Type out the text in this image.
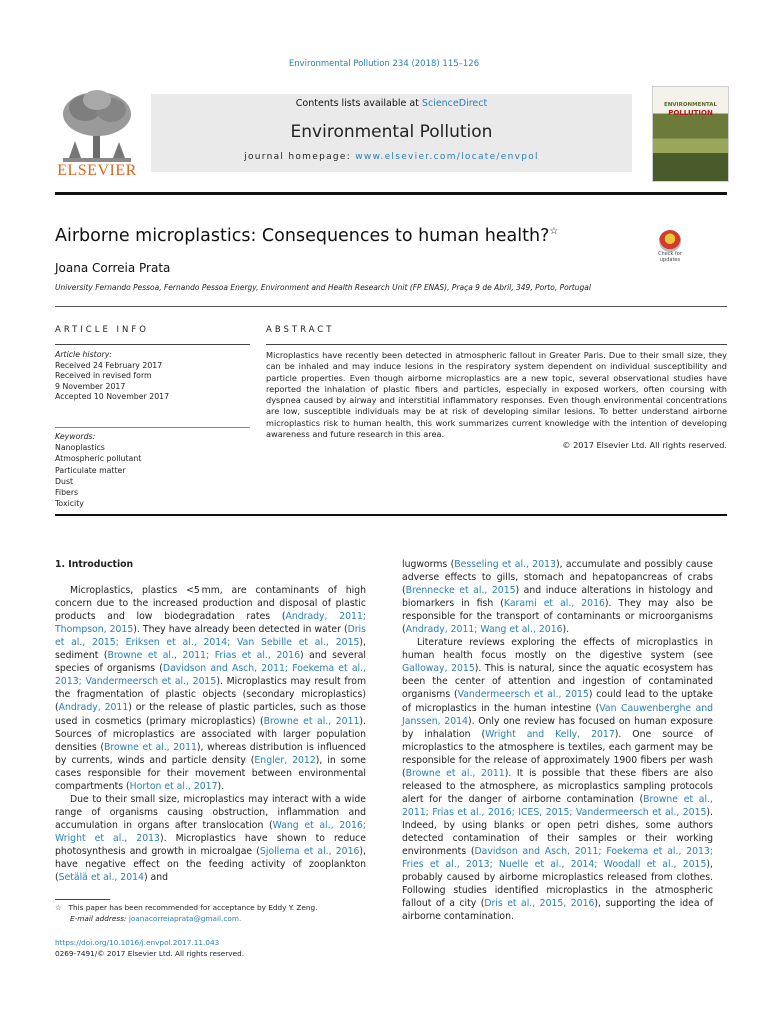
Environmental Pollution 234 (2018) 115–126
ELSEVIER
Contents lists available at ScienceDirect
Environmental Pollution
journal homepage: www.elsevier.com/locate/envpol
ENVIRONMENTAL
POLLUTION
Airborne microplastics: Consequences to human health?☆
Check for updates
Joana Correia Prata
University Fernando Pessoa, Fernando Pessoa Energy, Environment and Health Research Unit (FP ENAS), Praça 9 de Abril, 349, Porto, Portugal
ARTICLE INFO	ABSTRACT
Article history:
Received 24 February 2017
Received in revised form
9 November 2017
Accepted 10 November 2017
Keywords:
Nanoplastics
Atmospheric pollutant
Particulate matter
Dust
Fibers
Toxicity
Microplastics have recently been detected in atmospheric fallout in Greater Paris. Due to their small size, they can be inhaled and may induce lesions in the respiratory system dependent on individual susceptibility and particle properties. Even though airborne microplastics are a new topic, several observational studies have reported the inhalation of plastic fibers and particles, especially in exposed workers, often coursing with dyspnea caused by airway and interstitial inflammatory responses. Even though environmental concentrations are low, susceptible individuals may be at risk of developing similar lesions. To better understand airborne microplastics risk to human health, this work summarizes current knowledge with the intention of developing awareness and future research in this area.
© 2017 Elsevier Ltd. All rights reserved.

1. Introduction

Microplastics, plastics <5 mm, are contaminants of high concern due to the increased production and disposal of plastic products and low biodegradation rates (Andrady, 2011; Thompson, 2015). They have already been detected in water (Dris et al., 2015; Eriksen et al., 2014; Van Sebille et al., 2015), sediment (Browne et al., 2011; Frias et al., 2016) and several species of organisms (Davidson and Asch, 2011; Foekema et al., 2013; Vandermeersch et al., 2015). Microplastics may result from the fragmentation of plastic objects (secondary microplastics) (Andrady, 2011) or the release of plastic particles, such as those used in cosmetics (primary microplastics) (Browne et al., 2011). Sources of microplastics are associated with larger population densities (Browne et al., 2011), whereas distribution is influenced by currents, winds and particle density (Engler, 2012), in some cases responsible for their movement between environmental compartments (Horton et al., 2017).

Due to their small size, microplastics may interact with a wide range of organisms causing obstruction, inflammation and accumulation in organs after translocation (Wang et al., 2016; Wright et al., 2013). Microplastics have shown to reduce photosynthesis and growth in microalgae (Sjollema et al., 2016), have negative effect on the feeding activity of zooplankton (Setälä et al., 2014) and

lugworms (Besseling et al., 2013), accumulate and possibly cause adverse effects to gills, stomach and hepatopancreas of crabs (Brennecke et al., 2015) and induce alterations in histology and biomarkers in fish (Karami et al., 2016). They may also be responsible for the transport of contaminants or microorganisms (Andrady, 2011; Wang et al., 2016).

Literature reviews exploring the effects of microplastics in human health focus mostly on the digestive system (see Galloway, 2015). This is natural, since the aquatic ecosystem has been the center of attention and ingestion of contaminated organisms (Vandermeersch et al., 2015) could lead to the uptake of microplastics in the human intestine (Van Cauwenberghe and Janssen, 2014). Only one review has focused on human exposure by inhalation (Wright and Kelly, 2017). One source of microplastics to the atmosphere is textiles, each garment may be responsible for the release of approximately 1900 fibers per wash (Browne et al., 2011). It is possible that these fibers are also released to the atmosphere, as microplastics sampling protocols alert for the danger of airborne contamination (Browne et al., 2011; Frias et al., 2016; ICES, 2015; Vandermeersch et al., 2015). Indeed, by using blanks or open petri dishes, some authors detected contamination of their samples or their working environments (Davidson and Asch, 2011; Foekema et al., 2013; Fries et al., 2013; Nuelle et al., 2014; Woodall et al., 2015), probably caused by airborne microplastics released from clothes. Following studies identified microplastics in the atmospheric fallout of a city (Dris et al., 2015, 2016), supporting the idea of airborne contamination.

☆ This paper has been recommended for acceptance by Eddy Y. Zeng.
E-mail address: joanacorreiaprata@gmail.com.
https://doi.org/10.1016/j.envpol.2017.11.043
0269-7491/© 2017 Elsevier Ltd. All rights reserved.
